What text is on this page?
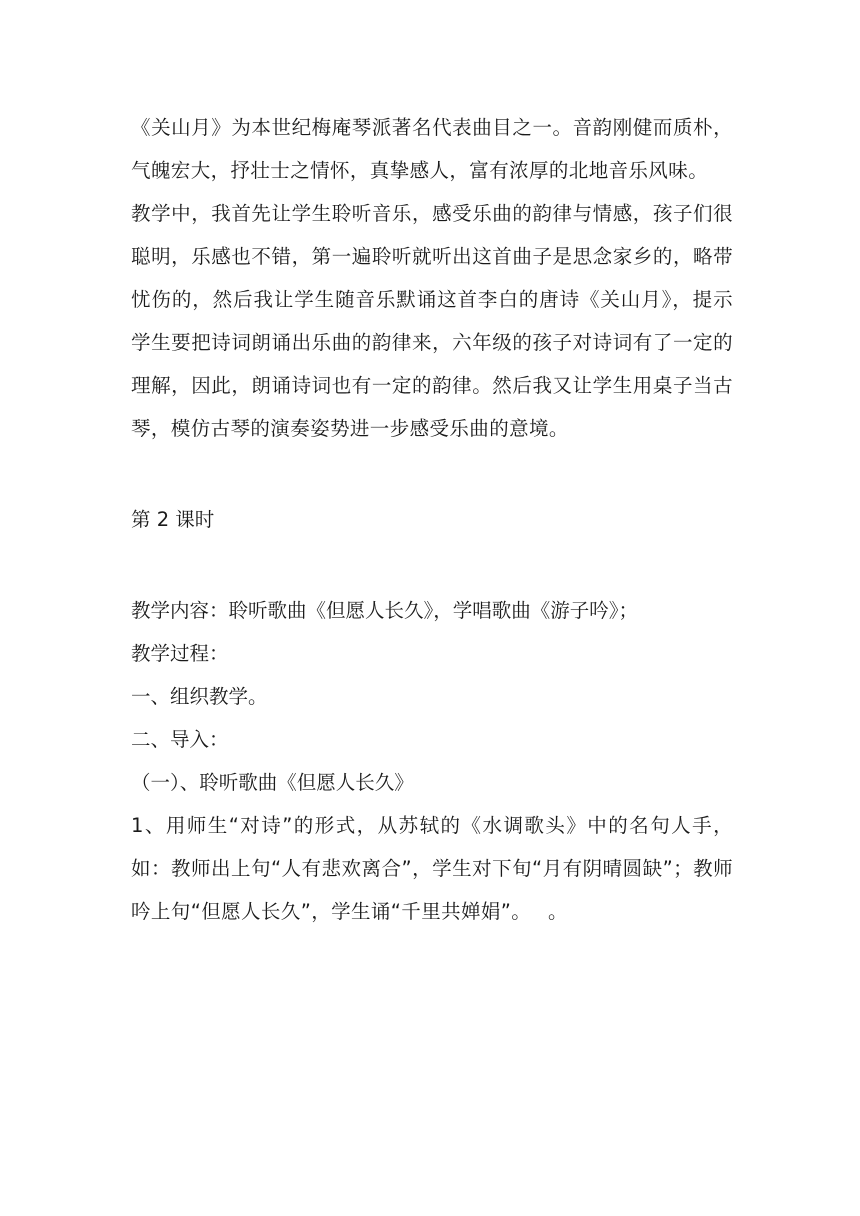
《关山月》为本世纪梅庵琴派著名代表曲目之一。音韵刚健而质朴，气魄宏大，抒壮士之情怀，真挚感人，富有浓厚的北地音乐风味。

教学中，我首先让学生聆听音乐，感受乐曲的韵律与情感，孩子们很聪明，乐感也不错，第一遍聆听就听出这首曲子是思念家乡的，略带忧伤的，然后我让学生随音乐默诵这首李白的唐诗《关山月》，提示学生要把诗词朗诵出乐曲的韵律来，六年级的孩子对诗词有了一定的理解，因此，朗诵诗词也有一定的韵律。然后我又让学生用桌子当古琴，模仿古琴的演奏姿势进一步感受乐曲的意境。

第 2 课时

教学内容：聆听歌曲《但愿人长久》，学唱歌曲《游子吟》；

教学过程：

一、组织教学。

二、导入：

（一）、聆听歌曲《但愿人长久》

1、用师生“对诗”的形式，从苏轼的《水调歌头》中的名句人手，如：教师出上句“人有悲欢离合”，学生对下旬“月有阴晴圆缺”；教师吟上句“但愿人长久”，学生诵“千里共婵娟”。　 。
